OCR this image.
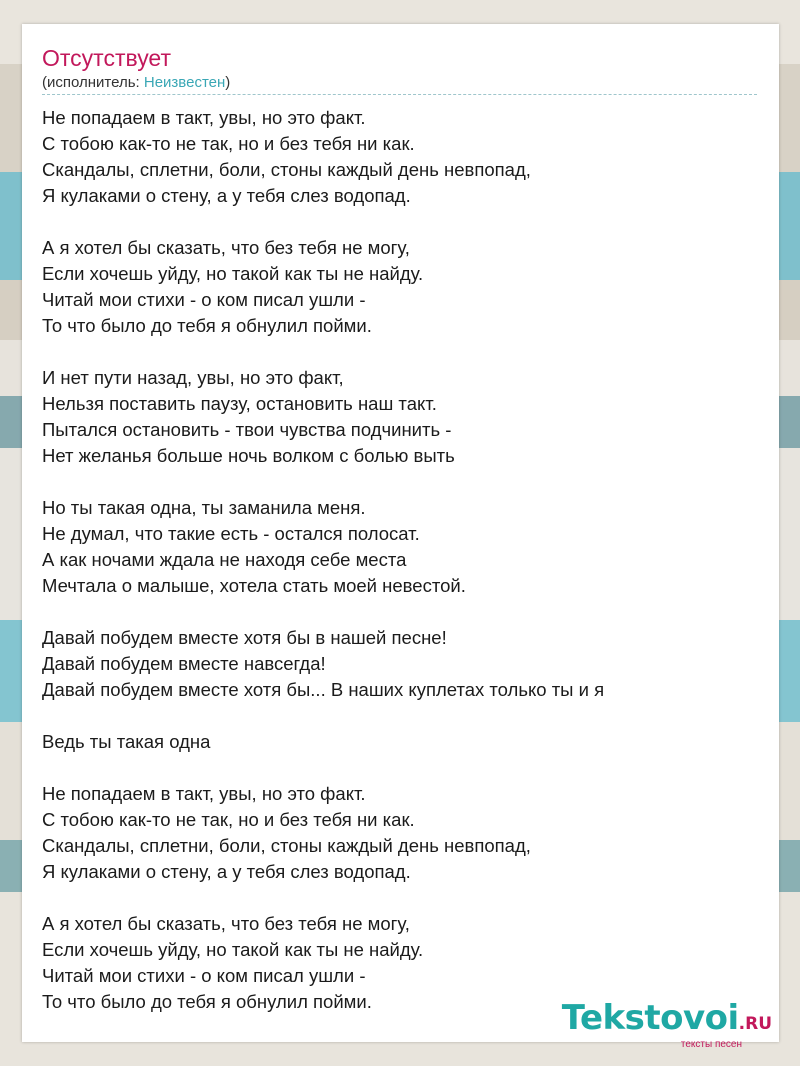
Отсутствует
(исполнитель: Неизвестен)
Не попадаем в такт, увы, но это факт.
С тобою как-то не так, но и без тебя ни как.
Скандалы, сплетни, боли, стоны каждый день невпопад,
Я кулаками о стену, а у тебя слез водопад.
А я хотел бы сказать, что без тебя не могу,
Если хочешь уйду, но такой как ты не найду.
Читай мои стихи - о ком писал ушли -
То что было до тебя я обнулил пойми.
И нет пути назад, увы, но это факт,
Нельзя поставить паузу, остановить наш такт.
Пытался остановить - твои чувства подчинить -
Нет желанья больше ночь волком с болью выть
Но ты такая одна, ты заманила меня.
Не думал, что такие есть - остался полосат.
А как ночами ждала не находя себе места
Мечтала о малыше, хотела стать моей невестой.
Давай побудем вместе хотя бы в нашей песне!
Давай побудем вместе навсегда!
Давай побудем вместе хотя бы... В наших куплетах только ты и я
Ведь ты такая одна
Не попадаем в такт, увы, но это факт.
С тобою как-то не так, но и без тебя ни как.
Скандалы, сплетни, боли, стоны каждый день невпопад,
Я кулаками о стену, а у тебя слез водопад.
А я хотел бы сказать, что без тебя не могу,
Если хочешь уйду, но такой как ты не найду.
Читай мои стихи - о ком писал ушли -
То что было до тебя я обнулил пойми.	Tekstovoi.RU
тексты песен
